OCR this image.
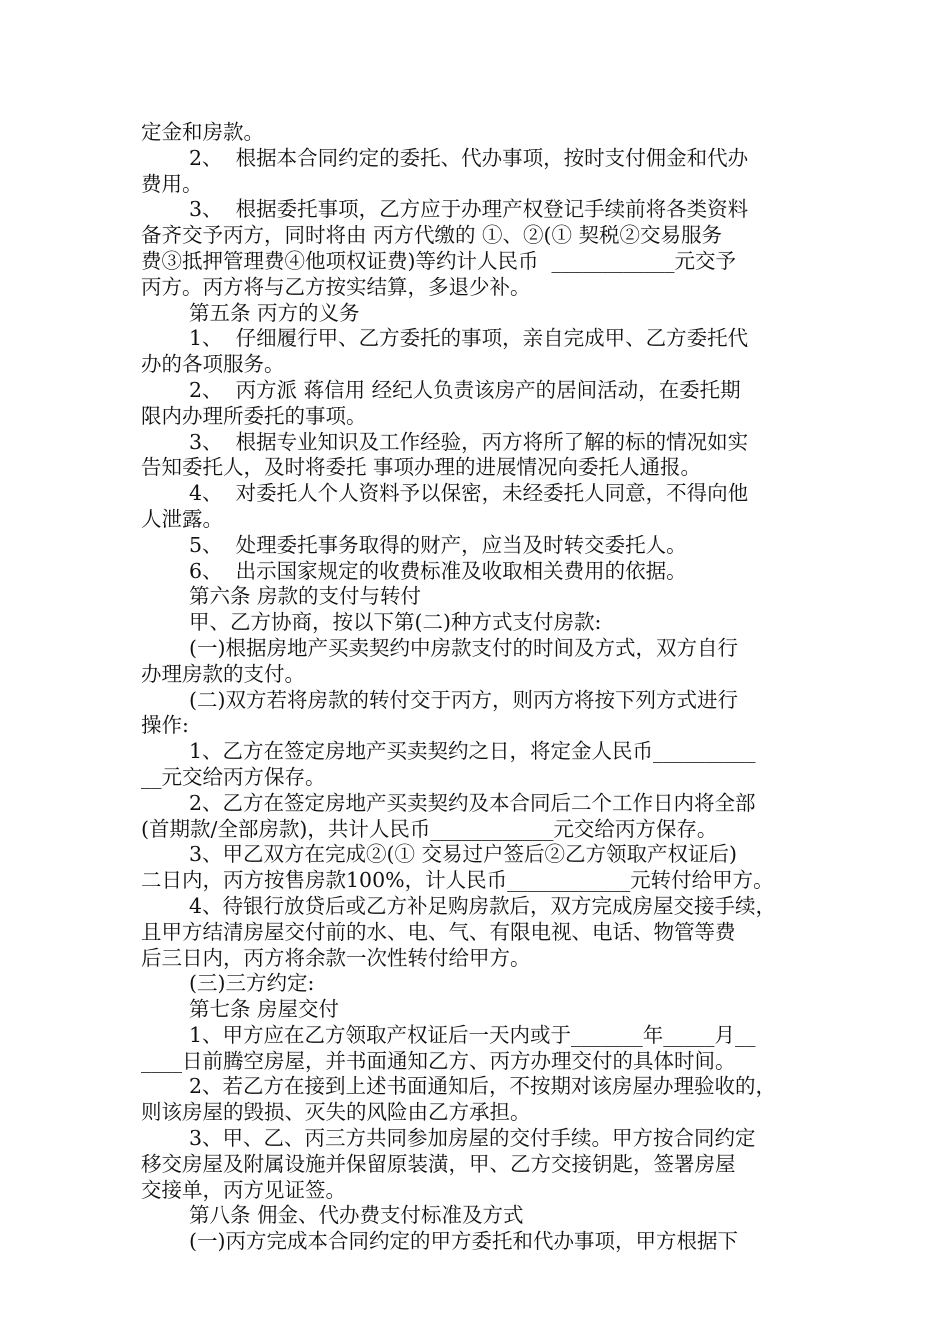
定金和房款。
2、  根据本合同约定的委托、代办事项，按时支付佣金和代办
费用。
3、  根据委托事项，乙方应于办理产权登记手续前将各类资料
备齐交予丙方，同时将由 丙方代缴的 ①、②(① 契税②交易服务
费③抵押管理费④他项权证费)等约计人民币  ____________元交予
丙方。丙方将与乙方按实结算，多退少补。
第五条 丙方的义务
1、  仔细履行甲、乙方委托的事项，亲自完成甲、乙方委托代
办的各项服务。
2、  丙方派 蒋信用 经纪人负责该房产的居间活动，在委托期
限内办理所委托的事项。
3、  根据专业知识及工作经验，丙方将所了解的标的情况如实
告知委托人，及时将委托 事项办理的进展情况向委托人通报。
4、  对委托人个人资料予以保密，未经委托人同意，不得向他
人泄露。
5、  处理委托事务取得的财产，应当及时转交委托人。
6、  出示国家规定的收费标准及收取相关费用的依据。
第六条 房款的支付与转付
甲、乙方协商，按以下第(二)种方式支付房款:
(一)根据房地产买卖契约中房款支付的时间及方式，双方自行
办理房款的支付。
(二)双方若将房款的转付交于丙方，则丙方将按下列方式进行
操作:
1、乙方在签定房地产买卖契约之日，将定金人民币__________
__元交给丙方保存。
2、乙方在签定房地产买卖契约及本合同后二个工作日内将全部
(首期款/全部房款)，共计人民币____________元交给丙方保存。
3、甲乙双方在完成②(① 交易过户签后②乙方领取产权证后)
二日内，丙方按售房款100%，计人民币____________元转付给甲方。
4、待银行放贷后或乙方补足购房款后，双方完成房屋交接手续，
且甲方结清房屋交付前的水、电、气、有限电视、电话、物管等费
后三日内，丙方将余款一次性转付给甲方。
(三)三方约定:
第七条 房屋交付
1、甲方应在乙方领取产权证后一天内或于_______年_____月__
____日前腾空房屋，并书面通知乙方、丙方办理交付的具体时间。
2、若乙方在接到上述书面通知后，不按期对该房屋办理验收的，
则该房屋的毁损、灭失的风险由乙方承担。
3、甲、乙、丙三方共同参加房屋的交付手续。甲方按合同约定
移交房屋及附属设施并保留原装潢，甲、乙方交接钥匙，签署房屋
交接单，丙方见证签。
第八条 佣金、代办费支付标准及方式
(一)丙方完成本合同约定的甲方委托和代办事项，甲方根据下
